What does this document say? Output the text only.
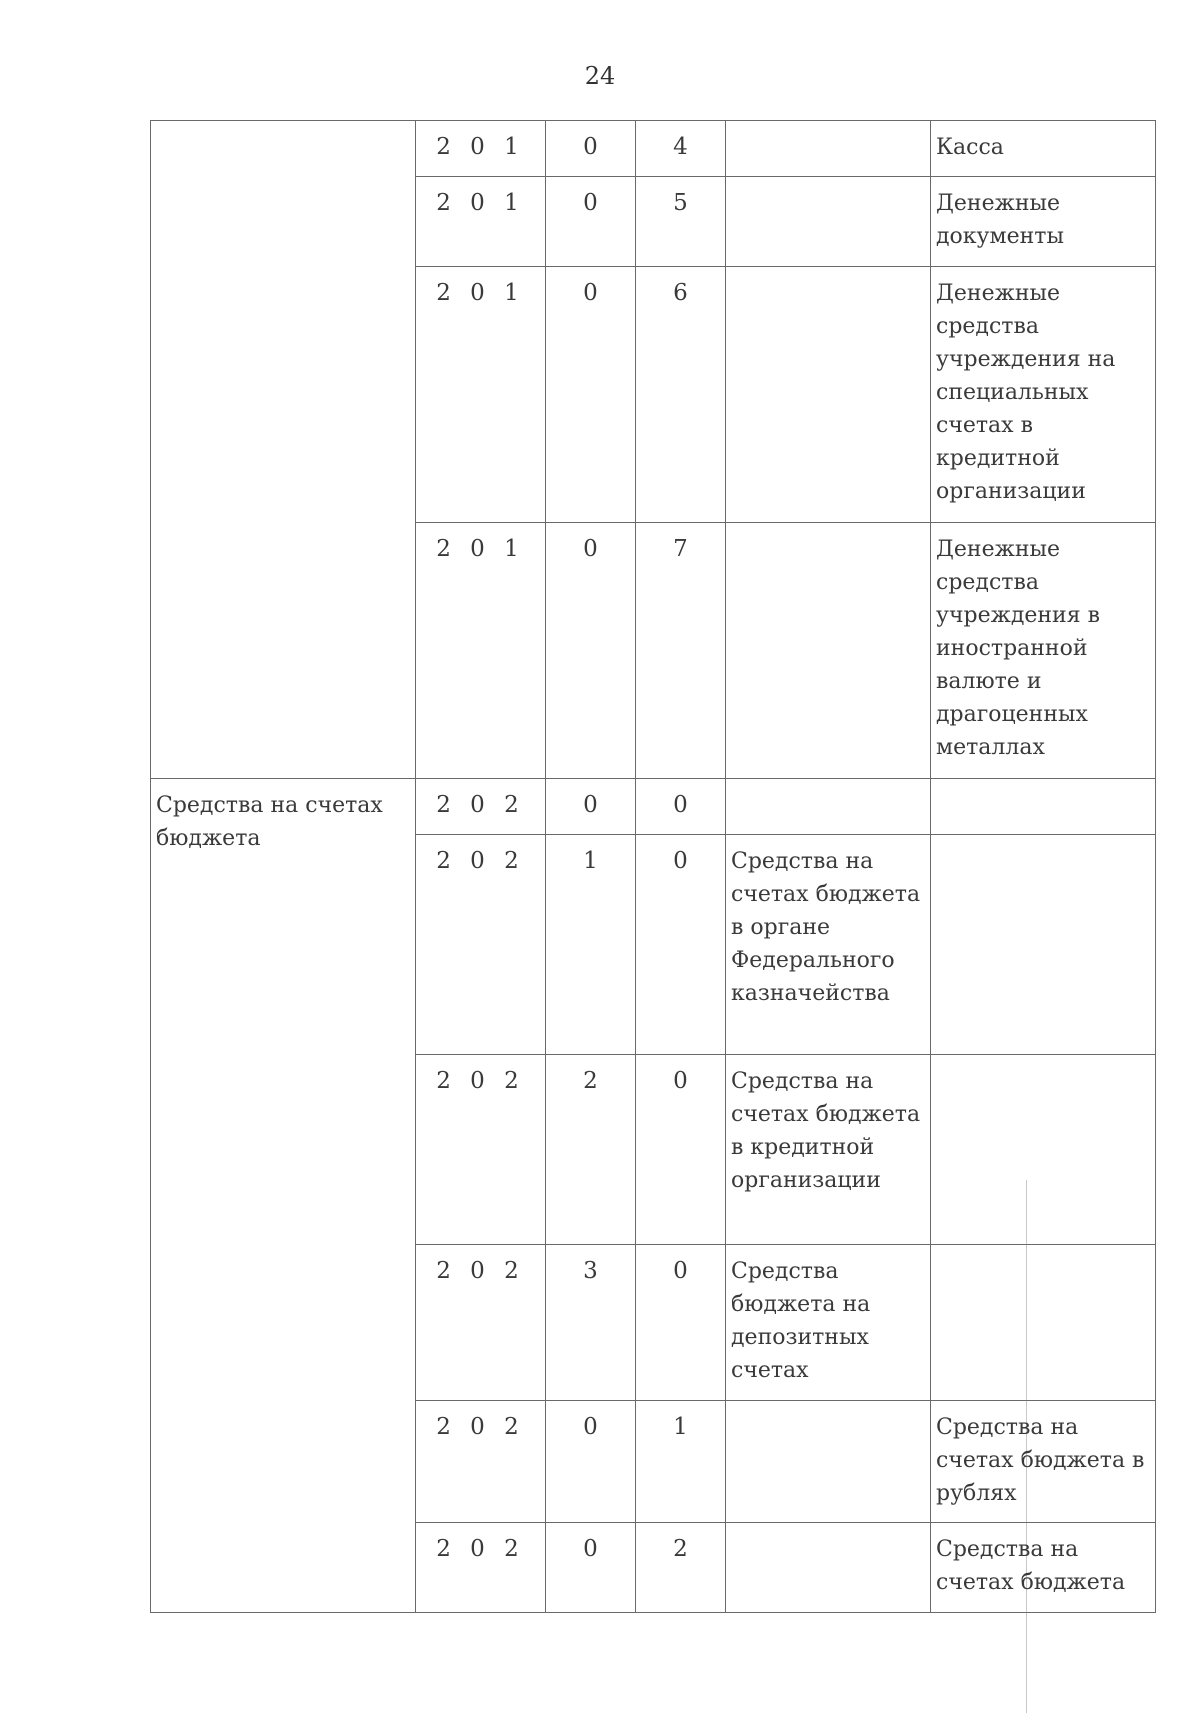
24
	2 0 1	0	4		Касса
	2 0 1	0	5		Денежные документы
	2 0 1	0	6		Денежные средства учреждения на специальных счетах в кредитной организации
	2 0 1	0	7		Денежные средства учреждения в иностранной валюте и драгоценных металлах
Средства на счетах бюджета	2 0 2	0	0		
	2 0 2	1	0	Средства на счетах бюджета в органе Федерального казначейства	
	2 0 2	2	0	Средства на счетах бюджета в кредитной организации	
	2 0 2	3	0	Средства бюджета на депозитных счетах	
	2 0 2	0	1		Средства на счетах бюджета в рублях
	2 0 2	0	2		Средства на счетах бюджета
